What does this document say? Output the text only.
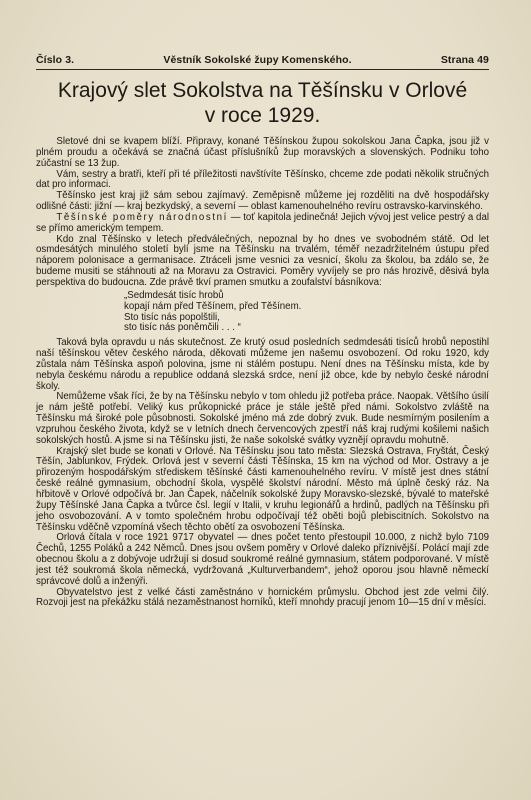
Číslo 3.	Věstník Sokolské župy Komenského.	Strana 49
Krajový slet Sokolstva na Těšínsku v Orlové
v roce 1929.

Sletové dni se kvapem blíží. Připravy, konané Těšínskou župou sokolskou Jana Čapka, jsou již v plném proudu a očekává se značná účast příslušníků žup moravských a slovenských. Podniku toho zúčastní se 13 žup.

Vám, sestry a bratři, kteří při té příležitosti navštívíte Těšínsko, chceme zde podati několik stručných dat pro informaci.

Těšínsko jest kraj již sám sebou zajímavý. Zeměpisně můžeme jej rozděliti na dvě hospodářsky odlišné části: jižní — kraj bezkydský, a severní — oblast kamenouhelného revíru ostravsko-karvinského.

Těšínské poměry národnostní — toť kapitola jedinečná! Jejich vývoj jest velice pestrý a dal se přímo americkým tempem.

Kdo znal Těšínsko v letech předválečných, nepoznal by ho dnes ve svobodném státě. Od let osmdesátých minulého století bylí jsme na Těšínsku na trvalém, téměř nezadržitelném ústupu před náporem polonisace a germanisace. Ztráceli jsme vesnici za vesnicí, školu za školou, ba zdálo se, že budeme musiti se stáhnouti až na Moravu za Ostravici. Poměry vyvíjely se pro nás hrozivě, děsivá byla perspektiva do budoucna. Zde právě tkví pramen smutku a zoufalství básníkova:

„Sedmdesát tisíc hrobů
kopají nám před Těšínem, před Těšínem.
Sto tisíc nás popolštili,
sto tisíc nás poněmčili . . . “

Taková byla opravdu u nás skutečnost. Ze krutý osud posledních sedmdesáti tisíců hrobů nepostihl naší těšínskou větev českého národa, děkovati můžeme jen našemu osvobození. Od roku 1920, kdy zůstala nám Těšínska aspoň polovina, jsme ni stálém postupu. Není dnes na Těšínsku místa, kde by nebyla českému národu a republice oddaná slezská srdce, není již obce, kde by nebylo české národní školy.

Nemůžeme však říci, že by na Těšínsku nebylo v tom ohledu již potřeba práce. Naopak. Většího úsilí je nám ještě potřebí. Veliký kus průkopnické práce je stále ještě před námi. Sokolstvo zvláště na Těšínsku má široké pole působnosti. Sokolské jméno má zde dobrý zvuk. Bude nesmírným posilením a vzpruhou českého života, když se v letních dnech červencových zpestří náš kraj rudými košilemi našich sokolských hostů. A jsme si na Těšínsku jisti, že naše sokolské svátky vyznějí opravdu mohutně.

Krajský slet bude se konati v Orlové. Na Těšínsku jsou tato města: Slezská Ostrava, Fryštát, Český Těšín, Jablunkov, Frýdek. Orlová jest v severní části Těšínska, 15 km na východ od Mor. Ostravy a je přirozeným hospodářským střediskem těšínské části kamenouhelného revíru. V místě jest dnes státní české reálné gymnasium, obchodní škola, vyspělé školství národní. Město má úplně český ráz. Na hřbitově v Orlové odpočívá br. Jan Čapek, náčelník sokolské župy Moravsko-slezské, bývalé to mateřské župy Těšínské Jana Čapka a tvůrce čsl. legií v Italii, v kruhu legionářů a hrdinů, padlých na Těšínsku při jeho osvobozování. A v tomto společném hrobu odpočívají též oběti bojů plebiscitních. Sokolstvo na Těšínsku vděčně vzpomíná všech těchto obětí za osvobození Těšínska.

Orlová čítala v roce 1921 9717 obyvatel — dnes počet tento přestoupil 10.000, z nichž bylo 7109 Čechů, 1255 Poláků a 242 Němců. Dnes jsou ovšem poměry v Orlové daleko příznivější. Polácí mají zde obecnou školu a z dobývoje udržují si dosud soukromé reálné gymnasium, státem podporované. V místě jest též soukromá škola německá, vydržovaná „Kulturverbandem“, jehož oporou jsou hlavně německí správcové dolů a inženýři.

Obyvatelstvo jest z velké části zaměstnáno v hornickém průmyslu. Obchod jest zde velmi čilý. Rozvoji jest na překážku stálá nezaměstnanost horníků, kteří mnohdy pracují jenom 10—15 dní v měsíci.
